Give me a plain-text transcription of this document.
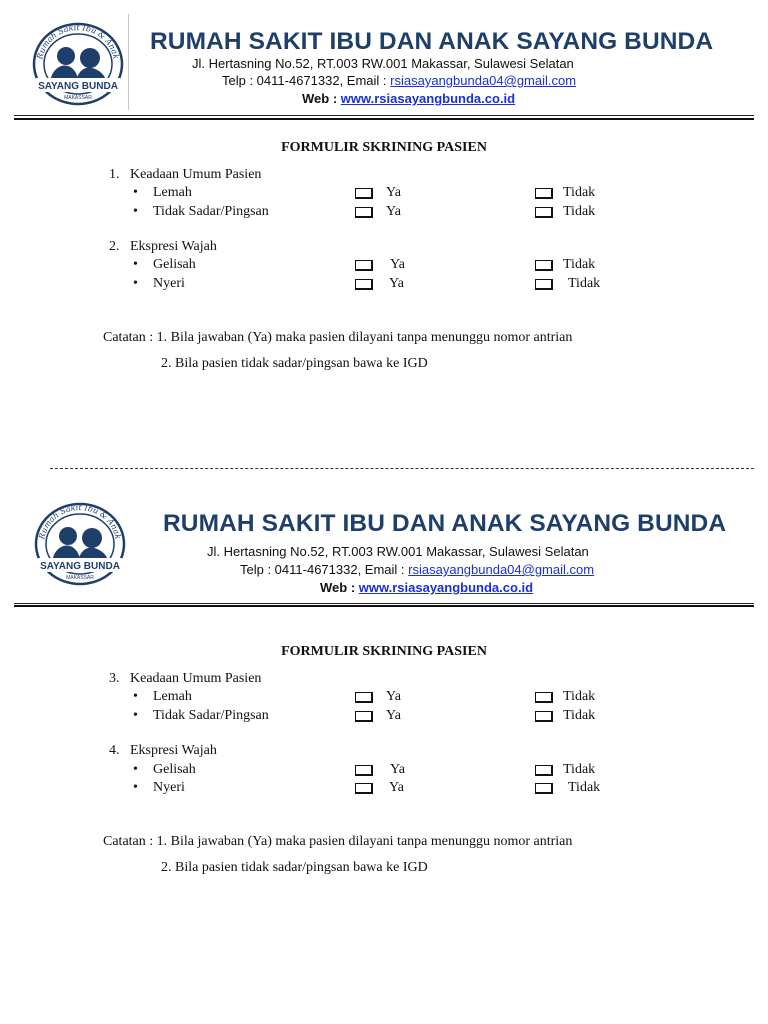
Rumah Sakit Ibu & Anak
SAYANG BUNDA
MAKASSAR
RUMAH SAKIT IBU DAN ANAK SAYANG BUNDA
Jl. Hertasning No.52, RT.003 RW.001 Makassar, Sulawesi Selatan
Telp : 0411-4671332, Email : rsiasayangbunda04@gmail.com
Web : www.rsiasayangbunda.co.id
FORMULIR SKRINING PASIEN
1. Keadaan Umum Pasien
• Lemah	Ya	Tidak
• Tidak Sadar/Pingsan	Ya	Tidak
2. Ekspresi Wajah
• Gelisah	Ya	Tidak
• Nyeri	Ya	Tidak
Catatan : 1. Bila jawaban (Ya) maka pasien dilayani tanpa menunggu nomor antrian
2. Bila pasien tidak sadar/pingsan bawa ke IGD
Rumah Sakit Ibu & Anak
SAYANG BUNDA
MAKASSAR
RUMAH SAKIT IBU DAN ANAK SAYANG BUNDA
Jl. Hertasning No.52, RT.003 RW.001 Makassar, Sulawesi Selatan
Telp : 0411-4671332, Email : rsiasayangbunda04@gmail.com
Web : www.rsiasayangbunda.co.id
FORMULIR SKRINING PASIEN
3. Keadaan Umum Pasien
• Lemah	Ya	Tidak
• Tidak Sadar/Pingsan	Ya	Tidak
4. Ekspresi Wajah
• Gelisah	Ya	Tidak
• Nyeri	Ya	Tidak
Catatan : 1. Bila jawaban (Ya) maka pasien dilayani tanpa menunggu nomor antrian
2. Bila pasien tidak sadar/pingsan bawa ke IGD
